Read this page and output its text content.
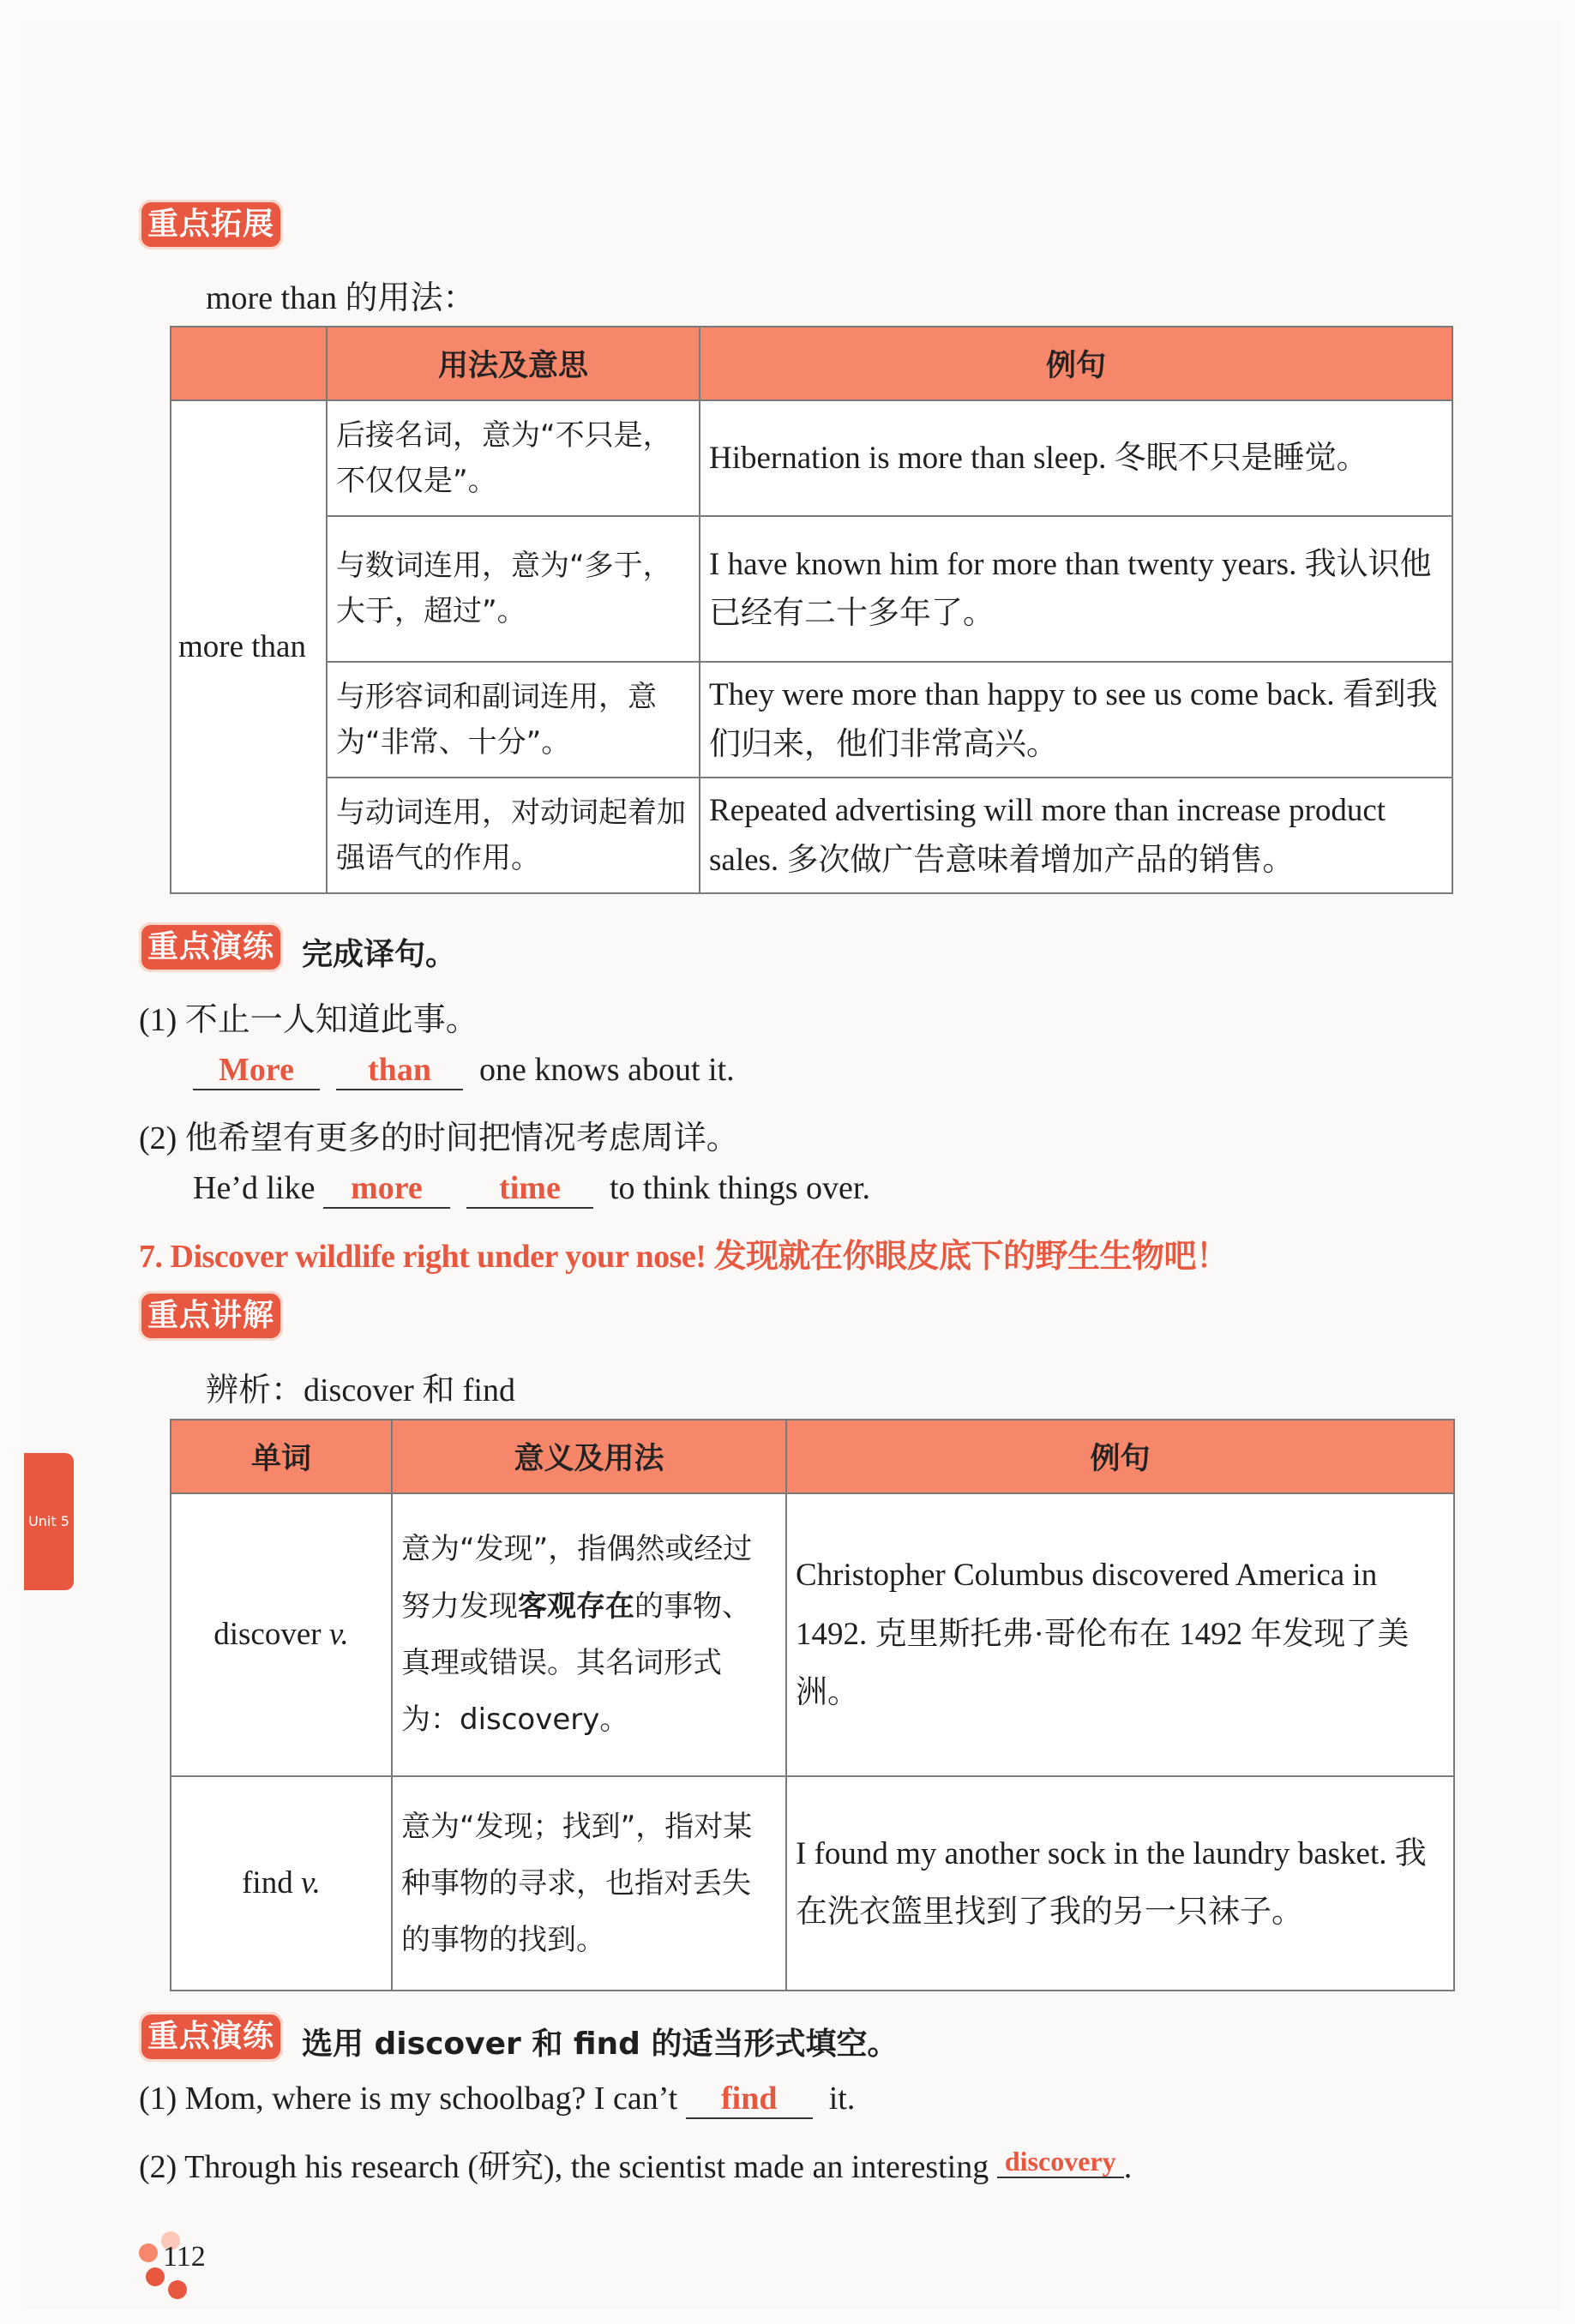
重点拓展
more than 的用法：
	用法及意思	例句
more than	后接名词，意为“不只是，不仅仅是”。	Hibernation is more than sleep. 冬眠不只是睡觉。
	与数词连用，意为“多于，大于，超过”。	I have known him for more than twenty years. 我认识他已经有二十多年了。
	与形容词和副词连用，意为“非常、十分”。	They were more than happy to see us come back. 看到我们归来，他们非常高兴。
	与动词连用，对动词起着加强语气的作用。	Repeated advertising will more than increase product sales. 多次做广告意味着增加产品的销售。
重点演练 完成译句。
(1) 不止一人知道此事。
More than one knows about it.
(2) 他希望有更多的时间把情况考虑周详。
He’d like more time to think things over.
7. Discover wildlife right under your nose! 发现就在你眼皮底下的野生生物吧！
重点讲解
辨析：discover 和 find
单词	意义及用法	例句
discover v.	意为“发现”，指偶然或经过努力发现客观存在的事物、真理或错误。其名词形式为：discovery。	Christopher Columbus discovered America in 1492. 克里斯托弗·哥伦布在 1492 年发现了美洲。
find v.	意为“发现；找到”，指对某种事物的寻求，也指对丢失的事物的找到。	I found my another sock in the laundry basket. 我在洗衣篮里找到了我的另一只袜子。
重点演练 选用 discover 和 find 的适当形式填空。
(1) Mom, where is my schoolbag? I can’t find it.
(2) Through his research (研究), the scientist made an interesting discovery .
Unit 5
112
